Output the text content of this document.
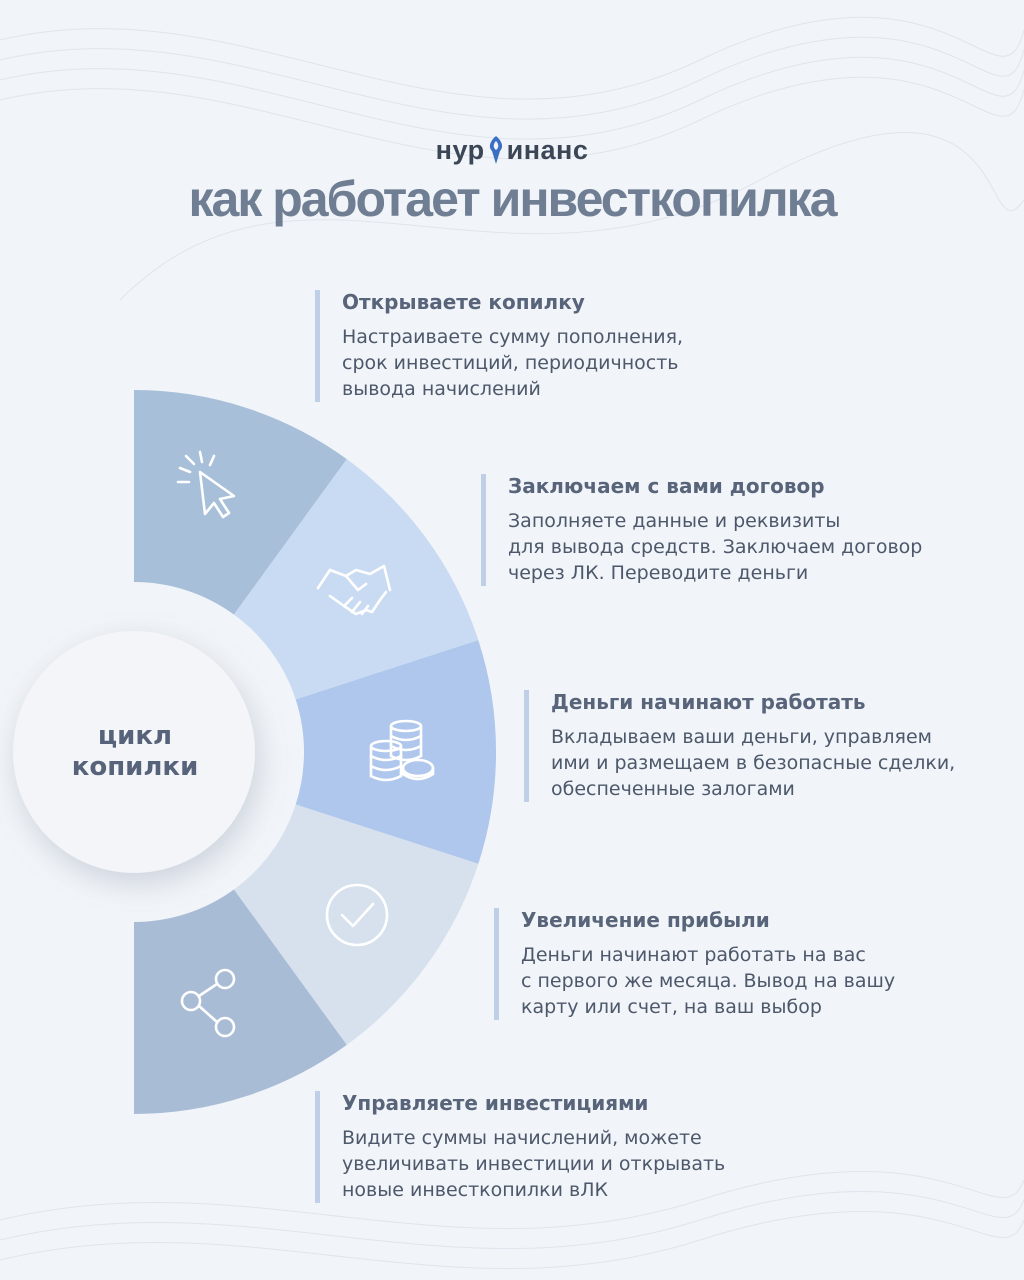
нур инанс
как работает инвесткопилка
цикл
копилки

Открываете копилку

Настраиваете сумму пополнения,
срок инвестиций, периодичность
вывода начислений

Заключаем с вами договор

Заполняете данные и реквизиты
для вывода средств. Заключаем договор
через ЛК. Переводите деньги

Деньги начинают работать

Вкладываем ваши деньги, управляем
ими и размещаем в безопасные сделки,
обеспеченные залогами

Увеличение прибыли

Деньги начинают работать на вас
с первого же месяца. Вывод на вашу
карту или счет, на ваш выбор

Управляете инвестициями

Видите суммы начислений, можете
увеличивать инвестиции и открывать
новые инвесткопилки вЛК
